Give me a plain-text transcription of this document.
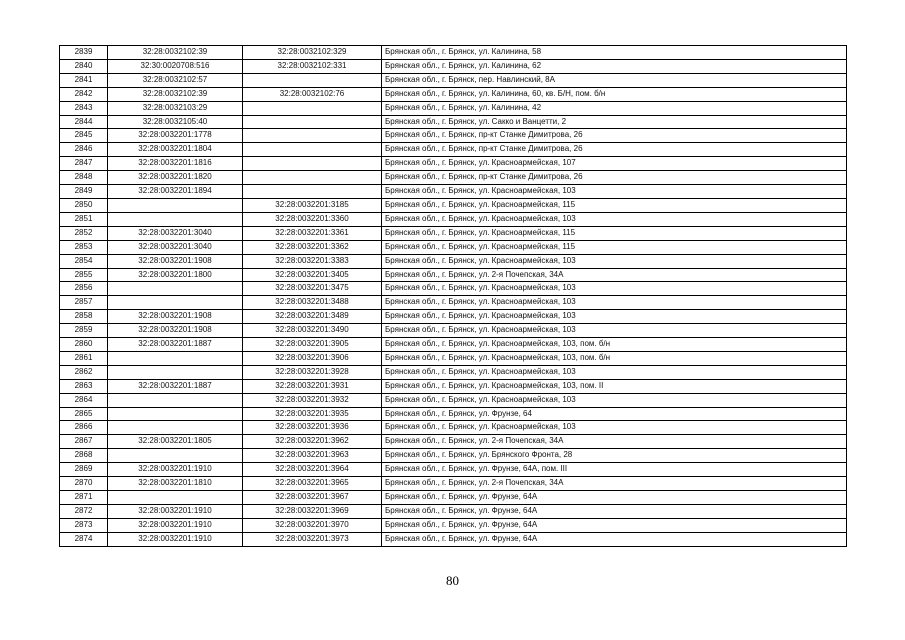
2839	32:28:0032102:39	32:28:0032102:329	Брянская обл., г. Брянск, ул. Калинина, 58
2840	32:30:0020708:516	32:28:0032102:331	Брянская обл., г. Брянск, ул. Калинина, 62
2841	32:28:0032102:57		Брянская обл., г. Брянск, пер. Навлинский, 8А
2842	32:28:0032102:39	32:28:0032102:76	Брянская обл., г. Брянск, ул. Калинина, 60, кв. Б/Н, пом. б/н
2843	32:28:0032103:29		Брянская обл., г. Брянск, ул. Калинина, 42
2844	32:28:0032105:40		Брянская обл., г. Брянск, ул. Сакко и Ванцетти, 2
2845	32:28:0032201:1778		Брянская обл., г. Брянск, пр-кт Станке Димитрова, 26
2846	32:28:0032201:1804		Брянская обл., г. Брянск, пр-кт Станке Димитрова, 26
2847	32:28:0032201:1816		Брянская обл., г. Брянск, ул. Красноармейская, 107
2848	32:28:0032201:1820		Брянская обл., г. Брянск, пр-кт Станке Димитрова, 26
2849	32:28:0032201:1894		Брянская обл., г. Брянск, ул. Красноармейская, 103
2850		32:28:0032201:3185	Брянская обл., г. Брянск, ул. Красноармейская, 115
2851		32:28:0032201:3360	Брянская обл., г. Брянск, ул. Красноармейская, 103
2852	32:28:0032201:3040	32:28:0032201:3361	Брянская обл., г. Брянск, ул. Красноармейская, 115
2853	32:28:0032201:3040	32:28:0032201:3362	Брянская обл., г. Брянск, ул. Красноармейская, 115
2854	32:28:0032201:1908	32:28:0032201:3383	Брянская обл., г. Брянск, ул. Красноармейская, 103
2855	32:28:0032201:1800	32:28:0032201:3405	Брянская обл., г. Брянск, ул. 2-я Почепская, 34А
2856		32:28:0032201:3475	Брянская обл., г. Брянск, ул. Красноармейская, 103
2857		32:28:0032201:3488	Брянская обл., г. Брянск, ул. Красноармейская, 103
2858	32:28:0032201:1908	32:28:0032201:3489	Брянская обл., г. Брянск, ул. Красноармейская, 103
2859	32:28:0032201:1908	32:28:0032201:3490	Брянская обл., г. Брянск, ул. Красноармейская, 103
2860	32:28:0032201:1887	32:28:0032201:3905	Брянская обл., г. Брянск, ул. Красноармейская, 103, пом. б/н
2861		32:28:0032201:3906	Брянская обл., г. Брянск, ул. Красноармейская, 103, пом. б/н
2862		32:28:0032201:3928	Брянская обл., г. Брянск, ул. Красноармейская, 103
2863	32:28:0032201:1887	32:28:0032201:3931	Брянская обл., г. Брянск, ул. Красноармейская, 103, пом. II
2864		32:28:0032201:3932	Брянская обл., г. Брянск, ул. Красноармейская, 103
2865		32:28:0032201:3935	Брянская обл., г. Брянск, ул. Фрунзе, 64
2866		32:28:0032201:3936	Брянская обл., г. Брянск, ул. Красноармейская, 103
2867	32:28:0032201:1805	32:28:0032201:3962	Брянская обл., г. Брянск, ул. 2-я Почепская, 34А
2868		32:28:0032201:3963	Брянская обл., г. Брянск, ул. Брянского Фронта, 28
2869	32:28:0032201:1910	32:28:0032201:3964	Брянская обл., г. Брянск, ул. Фрунзе, 64А, пом. III
2870	32:28:0032201:1810	32:28:0032201:3965	Брянская обл., г. Брянск, ул. 2-я Почепская, 34А
2871		32:28:0032201:3967	Брянская обл., г. Брянск, ул. Фрунзе, 64А
2872	32:28:0032201:1910	32:28:0032201:3969	Брянская обл., г. Брянск, ул. Фрунзе, 64А
2873	32:28:0032201:1910	32:28:0032201:3970	Брянская обл., г. Брянск, ул. Фрунзе, 64А
2874	32:28:0032201:1910	32:28:0032201:3973	Брянская обл., г. Брянск, ул. Фрунзе, 64А
80
